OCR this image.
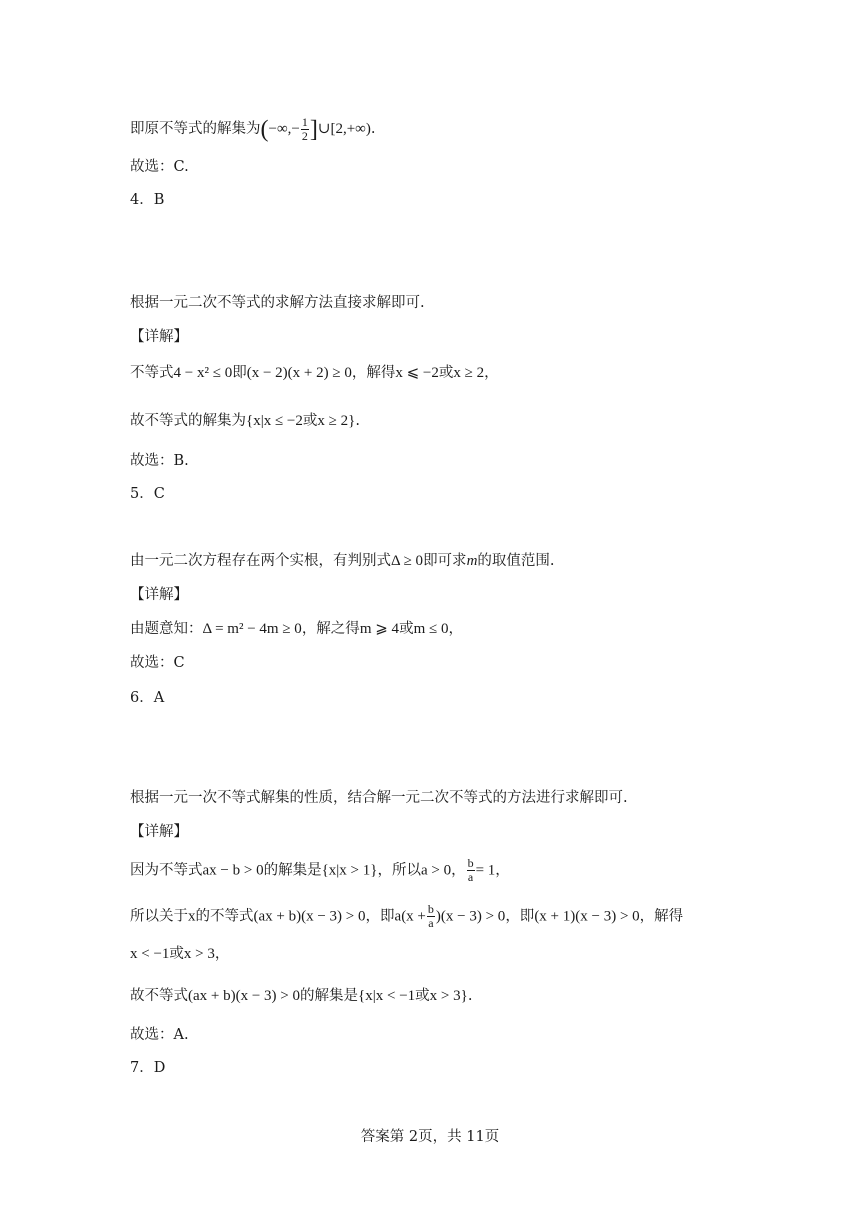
即原不等式的解集为(−∞,− $\frac{1}{2}$ ]∪[2,+∞).
故选：C.
4．B
根据一元二次不等式的求解方法直接求解即可.
【详解】
不等式4 − x² ≤ 0即(x − 2)(x + 2) ≥ 0，解得x ⩽ −2或x ≥ 2，
故不等式的解集为{x|x ≤ −2或x ≥ 2}.
故选：B.
5．C
由一元二次方程存在两个实根，有判别式Δ ≥ 0即可求m的取值范围.
【详解】
由题意知：Δ = m² − 4m ≥ 0，解之得m ⩾ 4或m ≤ 0，
故选：C
6．A
根据一元一次不等式解集的性质，结合解一元二次不等式的方法进行求解即可.
【详解】
因为不等式ax − b > 0的解集是{x|x > 1}，所以a > 0， $\frac{b}{a} = 1$，
所以关于x的不等式(ax + b)(x − 3) > 0，即$a(x + \frac{b}{a} )(x - 3) > 0$，即(x + 1)(x − 3) > 0，解得
x < −1或x > 3，
故不等式(ax + b)(x − 3) > 0的解集是{x|x < −1或x > 3}.
故选：A.
7．D
答案第 2页，共 11页
